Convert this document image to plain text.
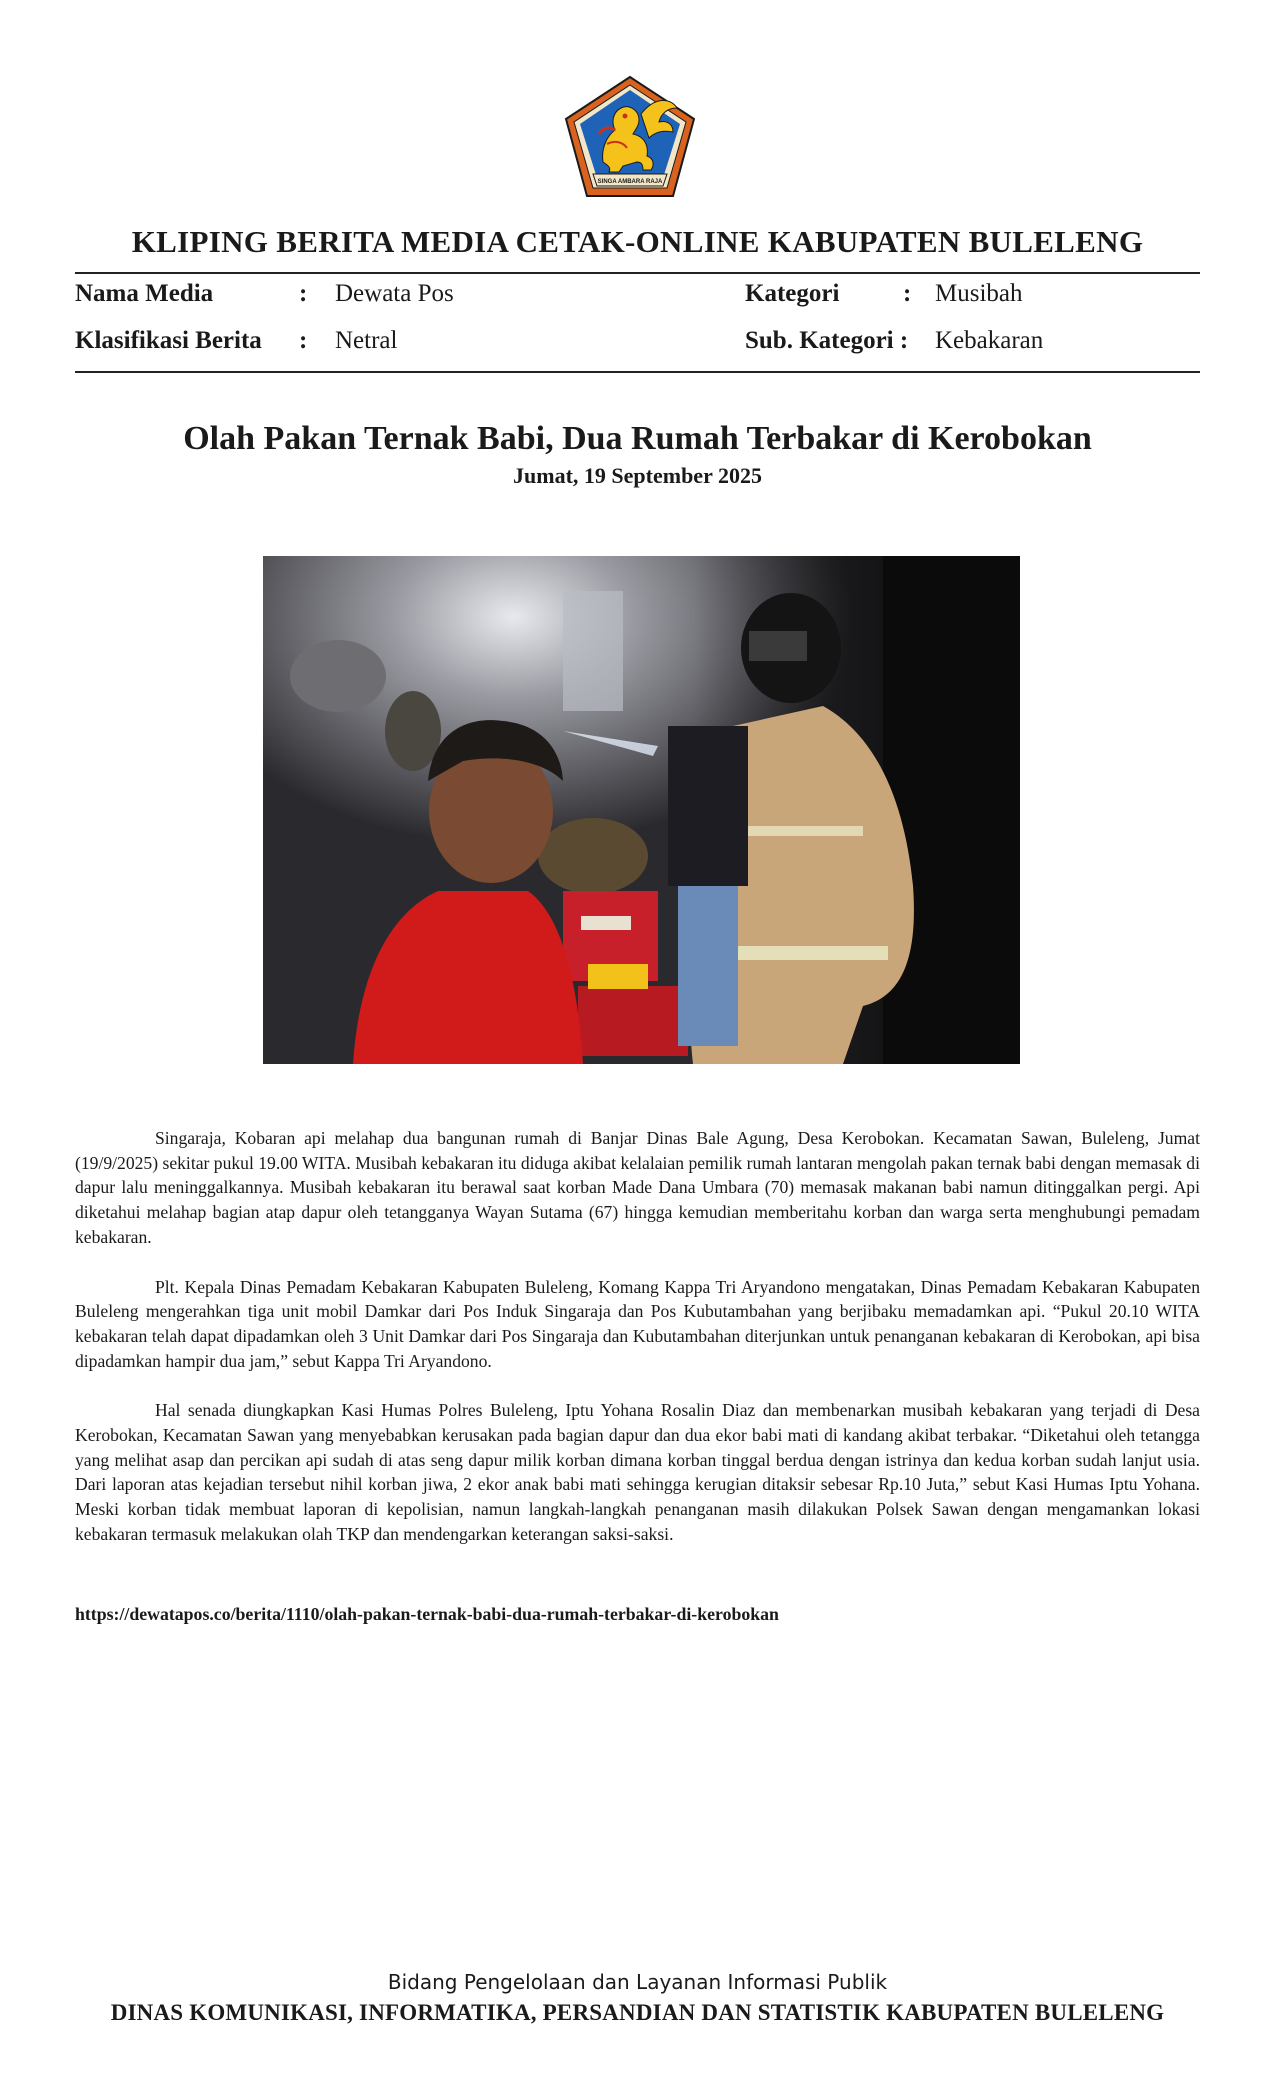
SINGA AMBARA RAJA
KLIPING BERITA MEDIA CETAK-ONLINE KABUPATEN BULELENG
Nama Media	: Dewata Pos
Klasifikasi Berita : Netral
Kategori	: Musibah
Sub. Kategori : Kebakaran
Olah Pakan Ternak Babi, Dua Rumah Terbakar di Kerobokan
Jumat, 19 September 2025

Singaraja, Kobaran api melahap dua bangunan rumah di Banjar Dinas Bale Agung, Desa Kerobokan. Kecamatan Sawan, Buleleng, Jumat (19/9/2025) sekitar pukul 19.00 WITA. Musibah kebakaran itu diduga akibat kelalaian pemilik rumah lantaran mengolah pakan ternak babi dengan memasak di dapur lalu meninggalkannya. Musibah kebakaran itu berawal saat korban Made Dana Umbara (70) memasak makanan babi namun ditinggalkan pergi. Api diketahui melahap bagian atap dapur oleh tetangganya Wayan Sutama (67) hingga kemudian memberitahu korban dan warga serta menghubungi pemadam kebakaran.

Plt. Kepala Dinas Pemadam Kebakaran Kabupaten Buleleng, Komang Kappa Tri Aryandono mengatakan, Dinas Pemadam Kebakaran Kabupaten Buleleng mengerahkan tiga unit mobil Damkar dari Pos Induk Singaraja dan Pos Kubutambahan yang berjibaku memadamkan api. “Pukul 20.10 WITA kebakaran telah dapat dipadamkan oleh 3 Unit Damkar dari Pos Singaraja dan Kubutambahan diterjunkan untuk penanganan kebakaran di Kerobokan, api bisa dipadamkan hampir dua jam,” sebut Kappa Tri Aryandono.

Hal senada diungkapkan Kasi Humas Polres Buleleng, Iptu Yohana Rosalin Diaz dan membenarkan musibah kebakaran yang terjadi di Desa Kerobokan, Kecamatan Sawan yang menyebabkan kerusakan pada bagian dapur dan dua ekor babi mati di kandang akibat terbakar. “Diketahui oleh tetangga yang melihat asap dan percikan api sudah di atas seng dapur milik korban dimana korban tinggal berdua dengan istrinya dan kedua korban sudah lanjut usia. Dari laporan atas kejadian tersebut nihil korban jiwa, 2 ekor anak babi mati sehingga kerugian ditaksir sebesar Rp.10 Juta,” sebut Kasi Humas Iptu Yohana. Meski korban tidak membuat laporan di kepolisian, namun langkah-langkah penanganan masih dilakukan Polsek Sawan dengan mengamankan lokasi kebakaran termasuk melakukan olah TKP dan mendengarkan keterangan saksi-saksi.

https://dewatapos.co/berita/1110/olah-pakan-ternak-babi-dua-rumah-terbakar-di-kerobokan
Bidang Pengelolaan dan Layanan Informasi Publik
DINAS KOMUNIKASI, INFORMATIKA, PERSANDIAN DAN STATISTIK KABUPATEN BULELENG
